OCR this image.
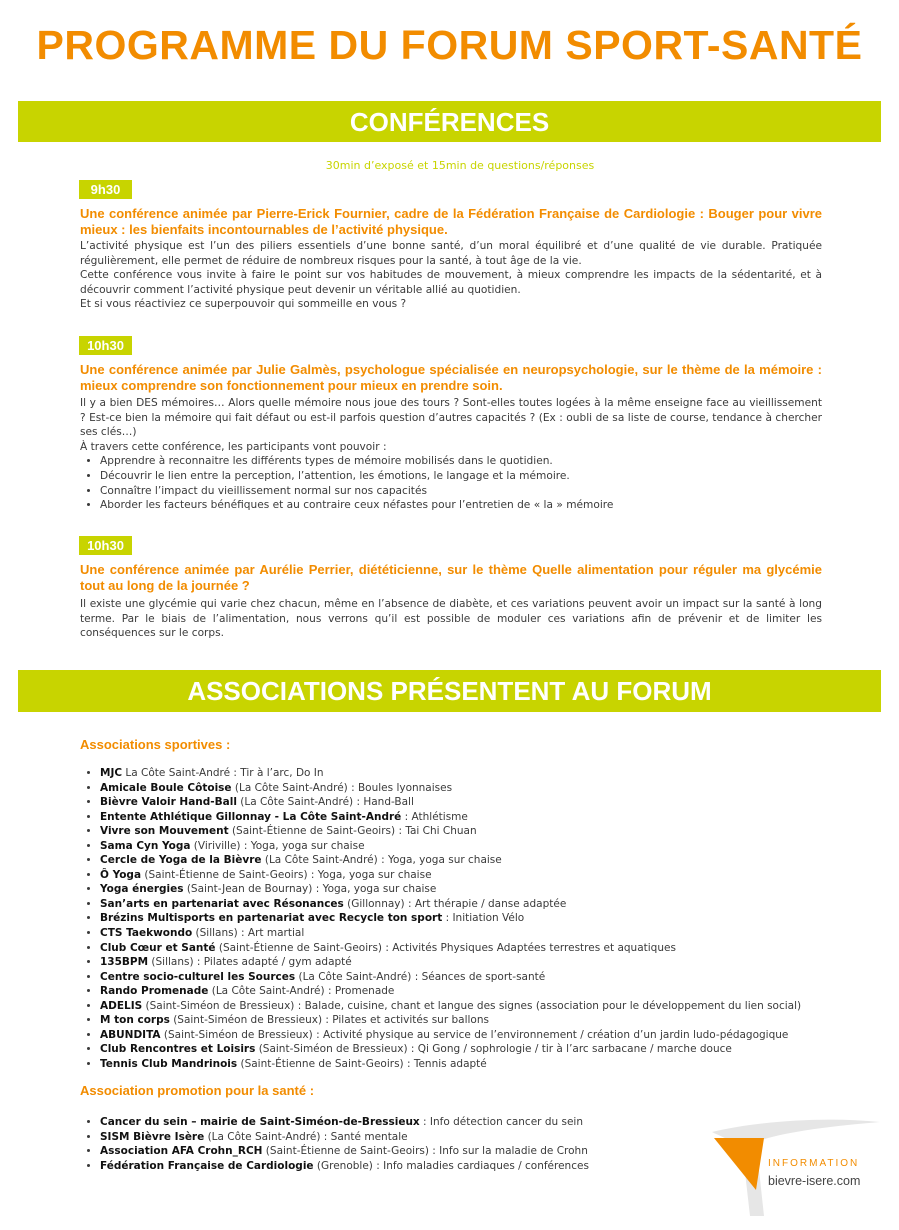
PROGRAMME DU FORUM SPORT-SANTÉ
CONFÉRENCES
30min d’exposé et 15min de questions/réponses
9h30
Une conférence animée par Pierre-Erick Fournier, cadre de la Fédération Française de Cardiologie : Bouger pour vivre mieux : les bienfaits incontournables de l’activité physique.

L’activité physique est l’un des piliers essentiels d’une bonne santé, d’un moral équilibré et d’une qualité de vie durable. Pratiquée régulièrement, elle permet de réduire de nombreux risques pour la santé, à tout âge de la vie.

Cette conférence vous invite à faire le point sur vos habitudes de mouvement, à mieux comprendre les impacts de la sédentarité, et à découvrir comment l’activité physique peut devenir un véritable allié au quotidien.

Et si vous réactiviez ce superpouvoir qui sommeille en vous ?

10h30
Une conférence animée par Julie Galmès, psychologue spécialisée en neuropsychologie, sur le thème de la mémoire : mieux comprendre son fonctionnement pour mieux en prendre soin.

Il y a bien DES mémoires… Alors quelle mémoire nous joue des tours ? Sont-elles toutes logées à la même enseigne face au vieillissement ? Est-ce bien la mémoire qui fait défaut ou est-il parfois question d’autres capacités ? (Ex : oubli de sa liste de course, tendance à chercher ses clés…)

À travers cette conférence, les participants vont pouvoir :

• Apprendre à reconnaitre les différents types de mémoire mobilisés dans le quotidien.
• Découvrir le lien entre la perception, l’attention, les émotions, le langage et la mémoire.
• Connaître l’impact du vieillissement normal sur nos capacités
• Aborder les facteurs bénéfiques et au contraire ceux néfastes pour l’entretien de « la » mémoire
10h30
Une conférence animée par Aurélie Perrier, diététicienne, sur le thème Quelle alimentation pour réguler ma glycémie tout au long de la journée ?

Il existe une glycémie qui varie chez chacun, même en l’absence de diabète, et ces variations peuvent avoir un impact sur la santé à long terme. Par le biais de l’alimentation, nous verrons qu’il est possible de moduler ces variations afin de prévenir et de limiter les conséquences sur le corps.

ASSOCIATIONS PRÉSENTENT AU FORUM
Associations sportives :
• MJC La Côte Saint-André : Tir à l’arc, Do In
• Amicale Boule Côtoise (La Côte Saint-André) : Boules lyonnaises
• Bièvre Valoir Hand-Ball (La Côte Saint-André) : Hand-Ball
• Entente Athlétique Gillonnay - La Côte Saint-André : Athlétisme
• Vivre son Mouvement (Saint-Étienne de Saint-Geoirs) : Tai Chi Chuan
• Sama Cyn Yoga (Viriville) : Yoga, yoga sur chaise
• Cercle de Yoga de la Bièvre (La Côte Saint-André) : Yoga, yoga sur chaise
• Ô Yoga (Saint-Étienne de Saint-Geoirs) : Yoga, yoga sur chaise
• Yoga énergies (Saint-Jean de Bournay) : Yoga, yoga sur chaise
• San’arts en partenariat avec Résonances (Gillonnay) : Art thérapie / danse adaptée
• Brézins Multisports en partenariat avec Recycle ton sport : Initiation Vélo
• CTS Taekwondo (Sillans) : Art martial
• Club Cœur et Santé (Saint-Étienne de Saint-Geoirs) : Activités Physiques Adaptées terrestres et aquatiques
• 135BPM (Sillans) : Pilates adapté / gym adapté
• Centre socio-culturel les Sources (La Côte Saint-André) : Séances de sport-santé
• Rando Promenade (La Côte Saint-André) : Promenade
• ADELIS (Saint-Siméon de Bressieux) : Balade, cuisine, chant et langue des signes (association pour le développement du lien social)
• M ton corps (Saint-Siméon de Bressieux) : Pilates et activités sur ballons
• ABUNDITA (Saint-Siméon de Bressieux) : Activité physique au service de l’environnement / création d’un jardin ludo-pédagogique
• Club Rencontres et Loisirs (Saint-Siméon de Bressieux) : Qi Gong / sophrologie / tir à l’arc sarbacane / marche douce
• Tennis Club Mandrinois (Saint-Étienne de Saint-Geoirs) : Tennis adapté
Association promotion pour la santé :
• Cancer du sein – mairie de Saint-Siméon-de-Bressieux : Info détection cancer du sein
• SISM Bièvre Isère (La Côte Saint-André) : Santé mentale
• Association AFA Crohn_RCH (Saint-Étienne de Saint-Geoirs) : Info sur la maladie de Crohn
• Fédération Française de Cardiologie (Grenoble) : Info maladies cardiaques / conférences	INFORMATION
bievre-isere.com
